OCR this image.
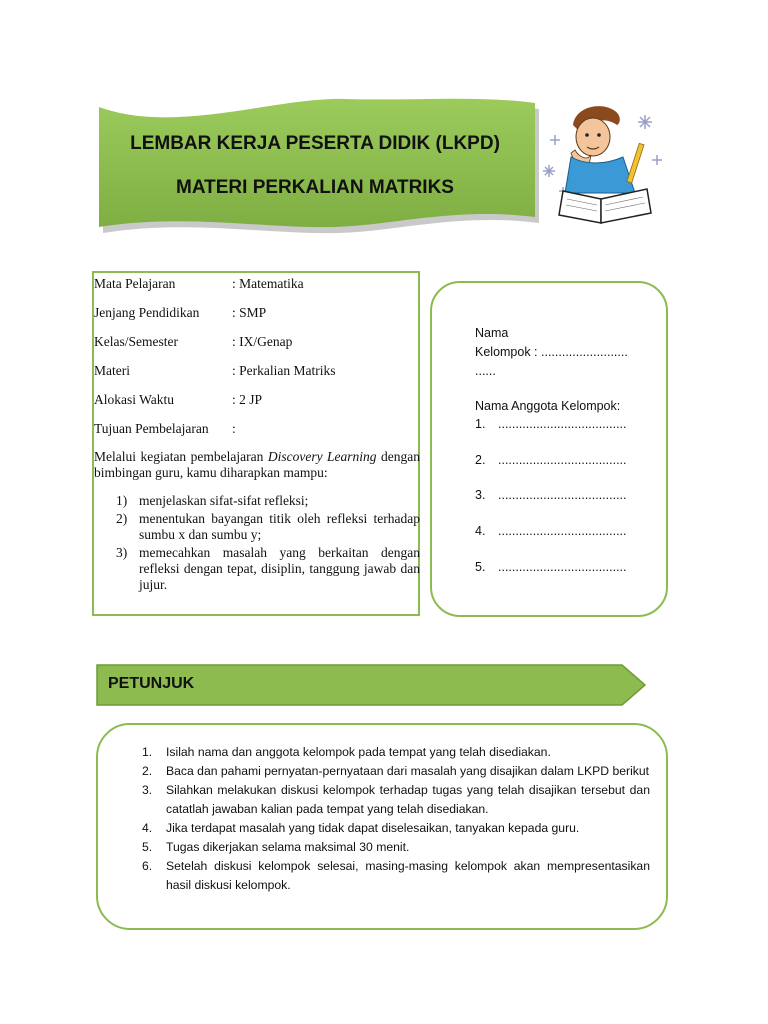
LEMBAR KERJA PESERTA DIDIK (LKPD)
MATERI PERKALIAN MATRIKS
Mata Pelajaran	: Matematika
Jenjang Pendidikan : SMP
Kelas/Semester	: IX/Genap
Materi	: Perkalian Matriks
Alokasi Waktu	: 2 JP
Tujuan Pembelajaran :
Melalui kegiatan pembelajaran Discovery Learning dengan bimbingan guru, kamu diharapkan mampu:
1) menjelaskan sifat-sifat refleksi;
2) menentukan bayangan titik oleh refleksi terhadap sumbu x dan sumbu y;
3) memecahkan masalah yang berkaitan dengan refleksi dengan tepat, disiplin, tanggung jawab dan jujur.
Nama
Kelompok : .........................
......
Nama Anggota Kelompok:
1. .....................................
2. .....................................
3. .....................................
4. .....................................
5. .....................................
PETUNJUK
1. Isilah nama dan anggota kelompok pada tempat yang telah disediakan.
2. Baca dan pahami pernyatan-pernyataan dari masalah yang disajikan dalam LKPD berikut
3. Silahkan melakukan diskusi kelompok terhadap tugas yang telah disajikan tersebut dan catatlah jawaban kalian pada tempat yang telah disediakan.
4. Jika terdapat masalah yang tidak dapat diselesaikan, tanyakan kepada guru.
5. Tugas dikerjakan selama maksimal 30 menit.
6. Setelah diskusi kelompok selesai, masing-masing kelompok akan mempresentasikan hasil diskusi kelompok.
